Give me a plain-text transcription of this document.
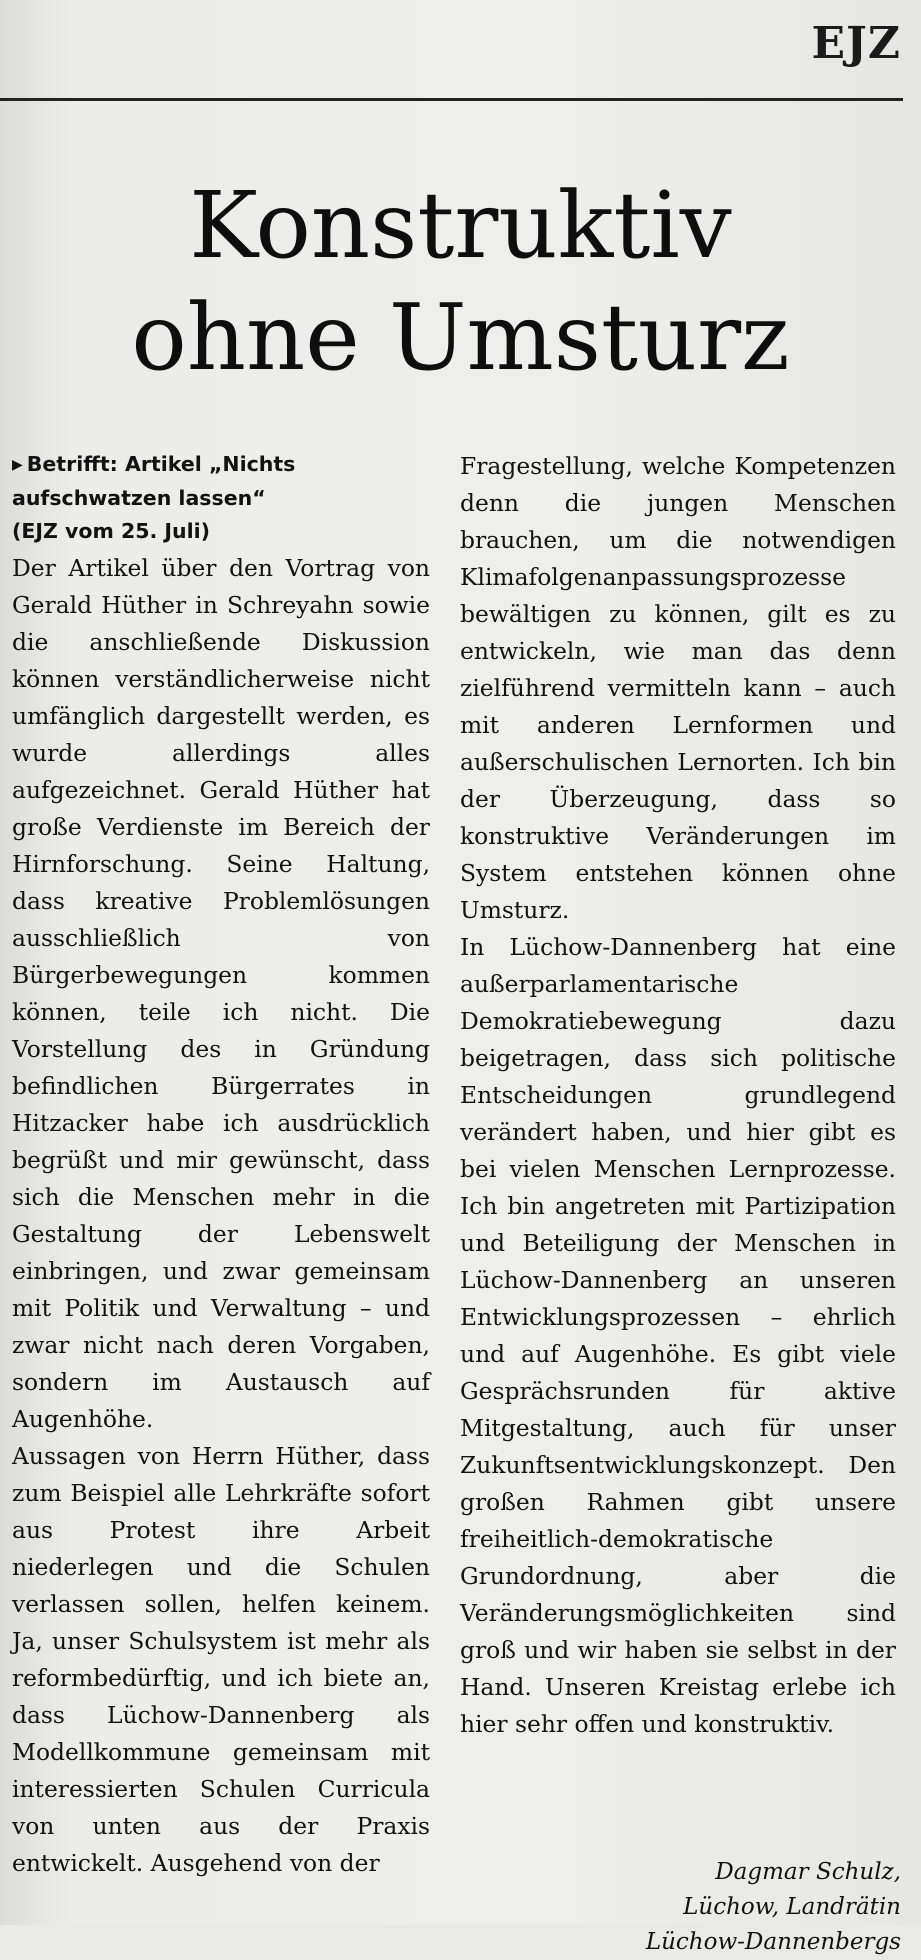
EJZ
Konstruktiv
ohne Umsturz
▶ Betrifft: Artikel „Nichts
aufschwatzen lassen“
(EJZ vom 25. Juli)

Der Artikel über den Vortrag von Gerald Hüther in Schreyahn sowie die anschließende Diskussion können verständlicherweise nicht umfänglich dargestellt werden, es wurde allerdings alles aufgezeichnet. Gerald Hüther hat große Verdienste im Bereich der Hirnforschung. Seine Haltung, dass kreative Problemlösungen ausschließlich von Bürgerbewegungen kommen können, teile ich nicht. Die Vorstellung des in Gründung befindlichen Bürgerrates in Hitzacker habe ich ausdrücklich begrüßt und mir gewünscht, dass sich die Menschen mehr in die Gestaltung der Lebenswelt einbringen, und zwar gemeinsam mit Politik und Verwaltung – und zwar nicht nach deren Vorgaben, sondern im Austausch auf Augenhöhe.

Aussagen von Herrn Hüther, dass zum Beispiel alle Lehrkräfte sofort aus Protest ihre Arbeit niederlegen und die Schulen verlassen sollen, helfen keinem. Ja, unser Schulsystem ist mehr als reformbedürftig, und ich biete an, dass Lüchow-Dannenberg als Modellkommune gemeinsam mit interessierten Schulen Curricula von unten aus der Praxis entwickelt. Ausgehend von der

Fragestellung, welche Kompetenzen denn die jungen Menschen brauchen, um die notwendigen Klimafolgenanpassungsprozesse bewältigen zu können, gilt es zu entwickeln, wie man das denn zielführend vermitteln kann – auch mit anderen Lernformen und außerschulischen Lernorten. Ich bin der Überzeugung, dass so konstruktive Veränderungen im System entstehen können ohne Umsturz.

In Lüchow-Dannenberg hat eine außerparlamentarische Demokratiebewegung dazu beigetragen, dass sich politische Entscheidungen grundlegend verändert haben, und hier gibt es bei vielen Menschen Lernprozesse. Ich bin angetreten mit Partizipation und Beteiligung der Menschen in Lüchow-Dannenberg an unseren Entwicklungsprozessen – ehrlich und auf Augenhöhe. Es gibt viele Gesprächsrunden für aktive Mitgestaltung, auch für unser Zukunftsentwicklungskonzept. Den großen Rahmen gibt unsere freiheitlich-demokratische Grundordnung, aber die Veränderungsmöglichkeiten sind groß und wir haben sie selbst in der Hand. Unseren Kreistag erlebe ich hier sehr offen und konstruktiv.

Dagmar Schulz,
Lüchow, Landrätin
Lüchow-Dannenbergs
